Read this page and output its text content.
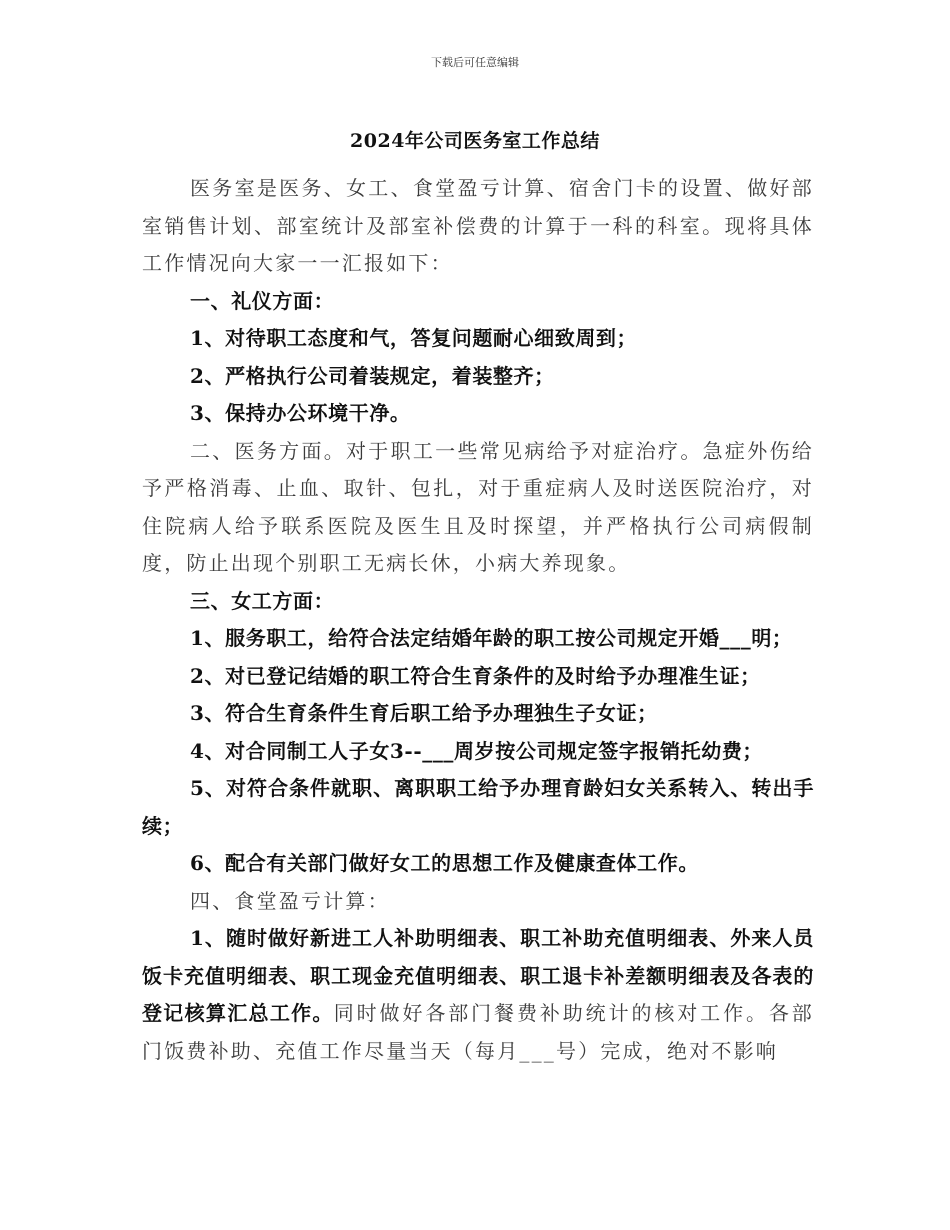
下载后可任意编辑
2024年公司医务室工作总结

医务室是医务、女工、食堂盈亏计算、宿舍门卡的设置、做好部室销售计划、部室统计及部室补偿费的计算于一科的科室。现将具体工作情况向大家一一汇报如下：

一、礼仪方面：

1、对待职工态度和气，答复问题耐心细致周到；

2、严格执行公司着装规定，着装整齐；

3、保持办公环境干净。

二、医务方面。对于职工一些常见病给予对症治疗。急症外伤给予严格消毒、止血、取针、包扎，对于重症病人及时送医院治疗，对住院病人给予联系医院及医生且及时探望，并严格执行公司病假制度，防止出现个别职工无病长休，小病大养现象。

三、女工方面：

1、服务职工，给符合法定结婚年龄的职工按公司规定开婚___明；

2、对已登记结婚的职工符合生育条件的及时给予办理准生证；

3、符合生育条件生育后职工给予办理独生子女证；

4、对合同制工人子女3--___周岁按公司规定签字报销托幼费；

5、对符合条件就职、离职职工给予办理育龄妇女关系转入、转出手续；

6、配合有关部门做好女工的思想工作及健康查体工作。

四、食堂盈亏计算：

1、随时做好新进工人补助明细表、职工补助充值明细表、外来人员饭卡充值明细表、职工现金充值明细表、职工退卡补差额明细表及各表的登记核算汇总工作。同时做好各部门餐费补助统计的核对工作。各部门饭费补助、充值工作尽量当天（每月___号）完成，绝对不影响
